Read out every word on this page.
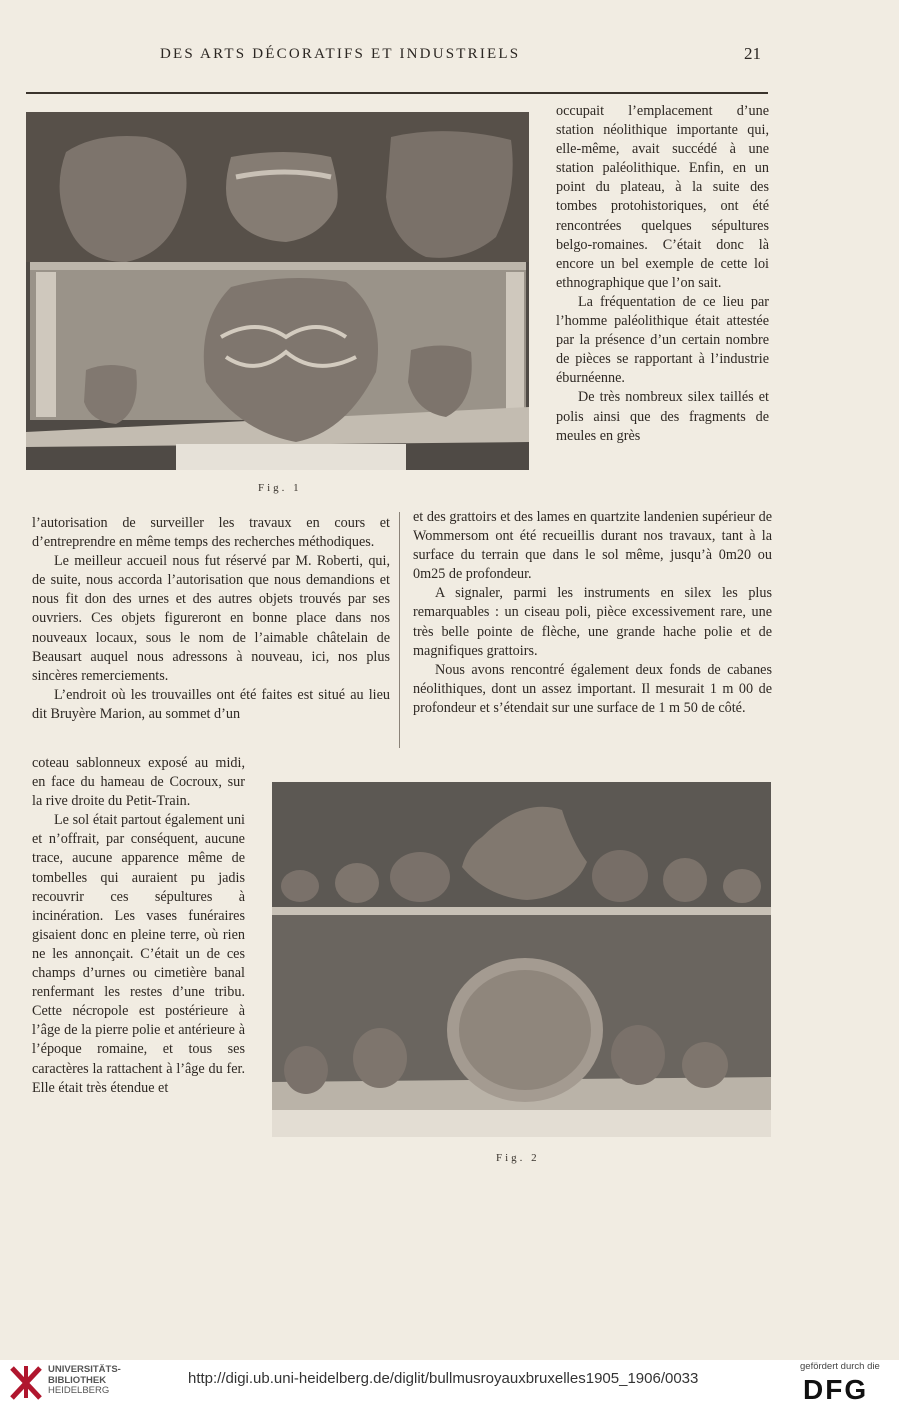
DES ARTS DÉCORATIFS ET INDUSTRIELS	21
Fig. 1

occupait l’emplacement d’une station néolithique importante qui, elle-même, avait succédé à une station paléolithique. Enfin, en un point du plateau, à la suite des tombes protohistoriques, ont été rencontrées quelques sépultures belgo-romaines. C’était donc là encore un bel exemple de cette loi ethnographique que l’on sait.

La fréquentation de ce lieu par l’homme paléolithique était attestée par la présence d’un certain nombre de pièces se rapportant à l’industrie éburnéenne.

De très nombreux silex taillés et polis ainsi que des fragments de meules en grès

l’autorisation de surveiller les travaux en cours et d’entreprendre en même temps des recherches méthodiques.

Le meilleur accueil nous fut réservé par M. Roberti, qui, de suite, nous accorda l’autorisation que nous demandions et nous fit don des urnes et des autres objets trouvés par ses ouvriers. Ces objets figureront en bonne place dans nos nouveaux locaux, sous le nom de l’aimable châtelain de Beausart auquel nous adressons à nouveau, ici, nos plus sincères remerciements.

L’endroit où les trouvailles ont été faites est situé au lieu dit Bruyère Marion, au sommet d’un

et des grattoirs et des lames en quartzite landenien supérieur de Wommersom ont été recueillis durant nos travaux, tant à la surface du terrain que dans le sol même, jusqu’à 0m20 ou 0m25 de profondeur.

A signaler, parmi les instruments en silex les plus remarquables : un ciseau poli, pièce excessivement rare, une très belle pointe de flèche, une grande hache polie et de magnifiques grattoirs.

Nous avons rencontré également deux fonds de cabanes néolithiques, dont un assez important. Il mesurait 1 m 00 de profondeur et s’étendait sur une surface de 1 m 50 de côté.

coteau sablonneux exposé au midi, en face du hameau de Cocroux, sur la rive droite du Petit-Train.

Le sol était partout également uni et n’offrait, par conséquent, aucune trace, aucune apparence même de tombelles qui auraient pu jadis recouvrir ces sépultures à incinération. Les vases funéraires gisaient donc en pleine terre, où rien ne les annonçait. C’était un de ces champs d’urnes ou cimetière banal renfermant les restes d’une tribu. Cette nécropole est postérieure à l’âge de la pierre polie et antérieure à l’époque romaine, et tous ses caractères la rattachent à l’âge du fer. Elle était très étendue et

Fig. 2
UNIVERSITÄTS-
BIBLIOTHEK
HEIDELBERG
http://digi.ub.uni-heidelberg.de/diglit/bullmusroyauxbruxelles1905_1906/0033
gefördert durch die
DFG
